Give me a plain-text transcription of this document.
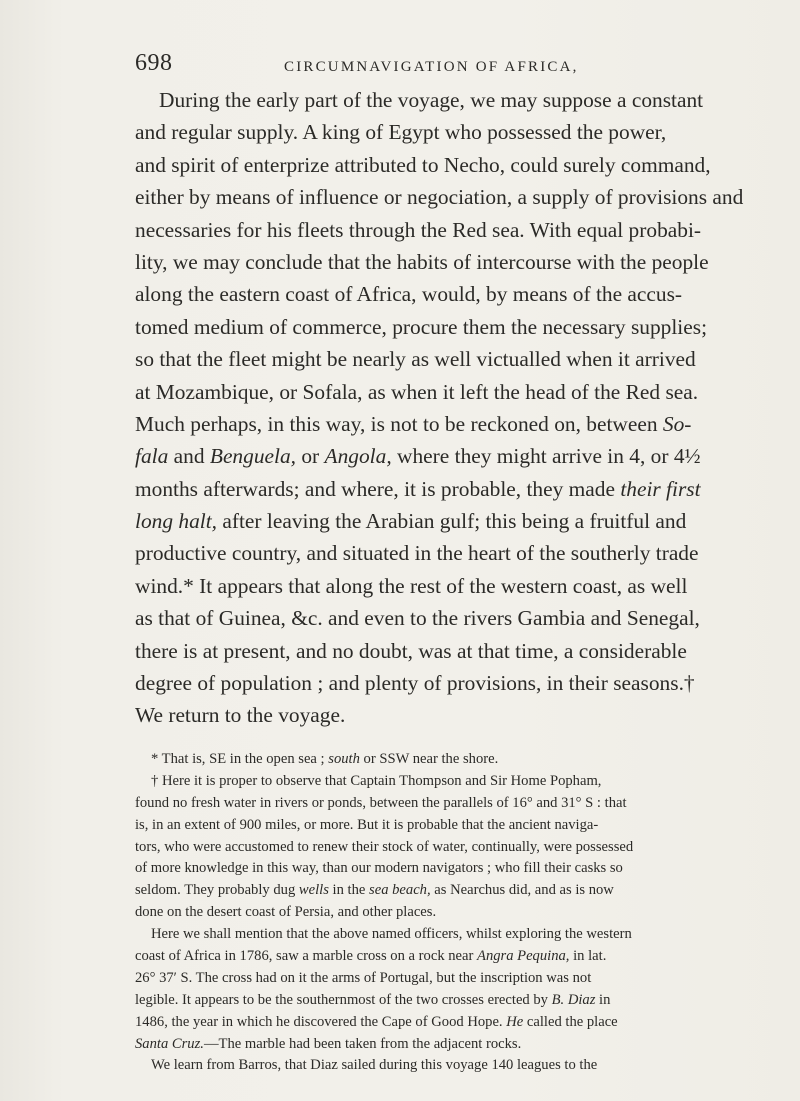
698	CIRCUMNAVIGATION OF AFRICA,
During the early part of the voyage, we may suppose a constant
and regular supply. A king of Egypt who possessed the power,
and spirit of enterprize attributed to Necho, could surely command,
either by means of influence or negociation, a supply of provisions and
necessaries for his fleets through the Red sea. With equal probabi-
lity, we may conclude that the habits of intercourse with the people
along the eastern coast of Africa, would, by means of the accus-
tomed medium of commerce, procure them the necessary supplies;
so that the fleet might be nearly as well victualled when it arrived
at Mozambique, or Sofala, as when it left the head of the Red sea.
Much perhaps, in this way, is not to be reckoned on, between So-
fala and Benguela, or Angola, where they might arrive in 4, or 4½
months afterwards; and where, it is probable, they made their first
long halt, after leaving the Arabian gulf; this being a fruitful and
productive country, and situated in the heart of the southerly trade
wind.* It appears that along the rest of the western coast, as well
as that of Guinea, &c. and even to the rivers Gambia and Senegal,
there is at present, and no doubt, was at that time, a considerable
degree of population ; and plenty of provisions, in their seasons.†
We return to the voyage.
* That is, SE in the open sea ; south or SSW near the shore.
† Here it is proper to observe that Captain Thompson and Sir Home Popham,
found no fresh water in rivers or ponds, between the parallels of 16° and 31° S : that
is, in an extent of 900 miles, or more. But it is probable that the ancient naviga-
tors, who were accustomed to renew their stock of water, continually, were possessed
of more knowledge in this way, than our modern navigators ; who fill their casks so
seldom. They probably dug wells in the sea beach, as Nearchus did, and as is now
done on the desert coast of Persia, and other places.
Here we shall mention that the above named officers, whilst exploring the western
coast of Africa in 1786, saw a marble cross on a rock near Angra Pequina, in lat.
26° 37′ S. The cross had on it the arms of Portugal, but the inscription was not
legible. It appears to be the southernmost of the two crosses erected by B. Diaz in
1486, the year in which he discovered the Cape of Good Hope. He called the place
Santa Cruz.—The marble had been taken from the adjacent rocks.
We learn from Barros, that Diaz sailed during this voyage 140 leagues to the
